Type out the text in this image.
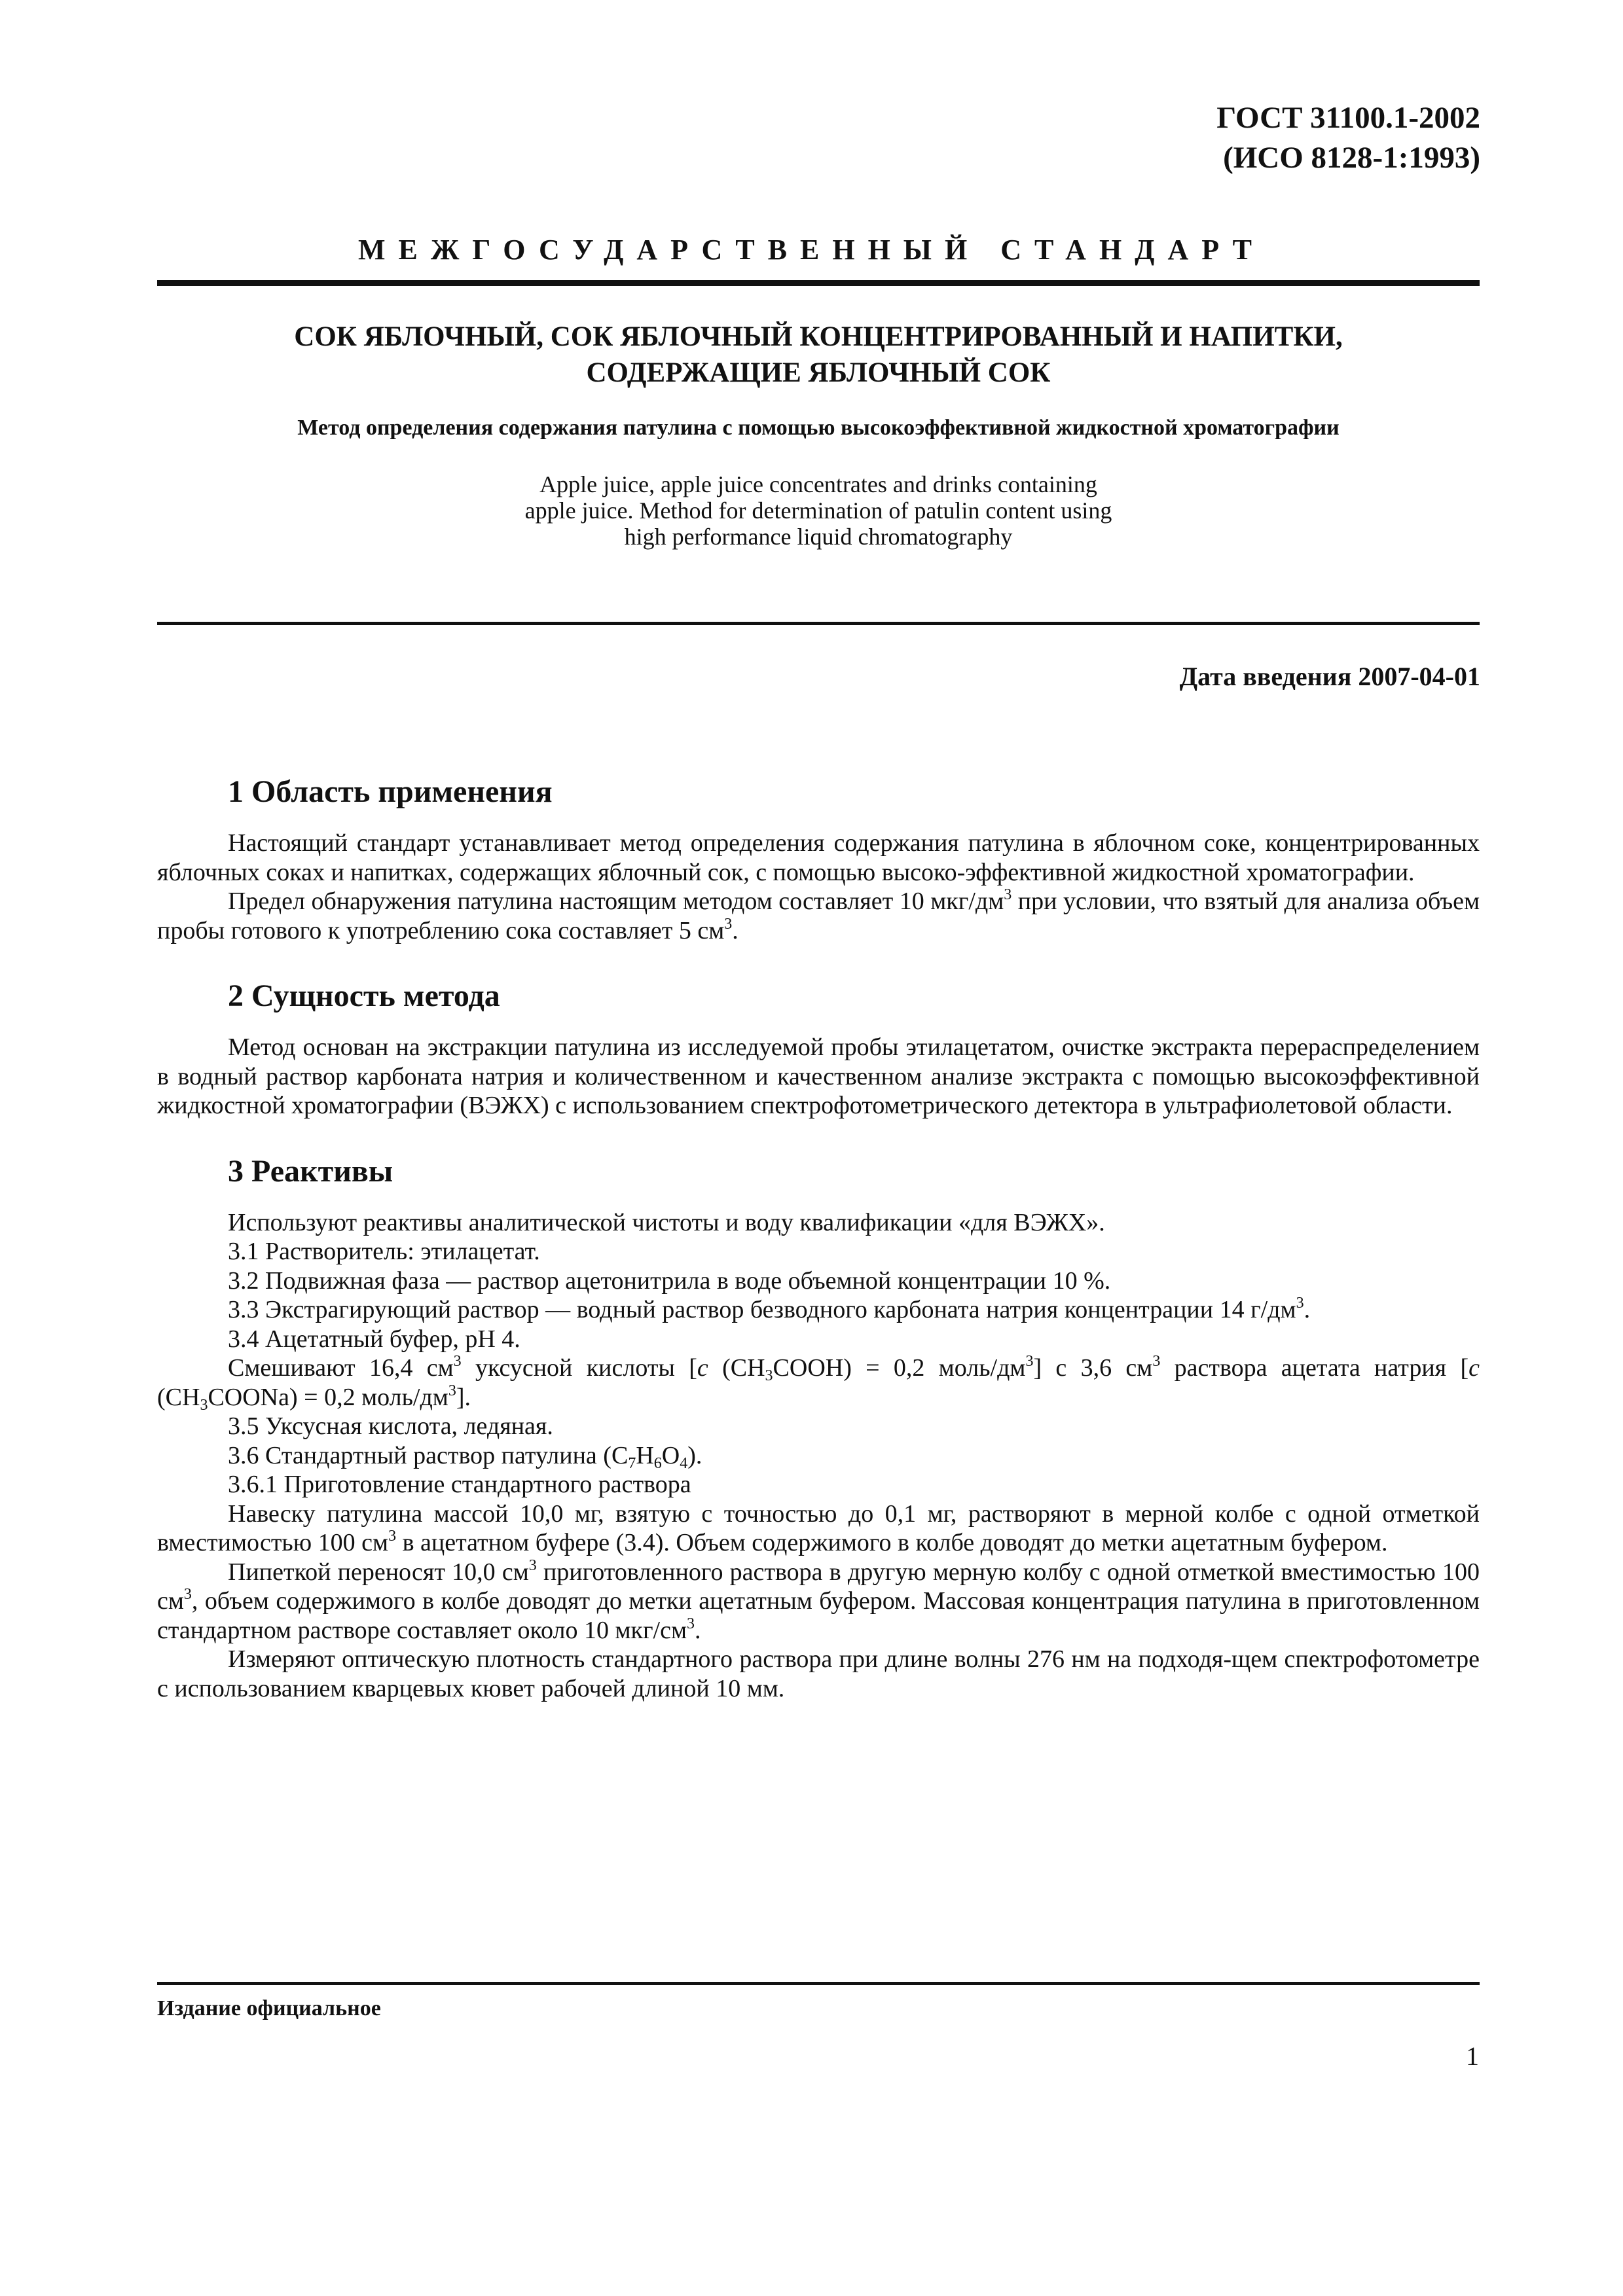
ГОСТ 31100.1-2002
(ИСО 8128-1:1993)
МЕЖГОСУДАРСТВЕННЫЙ СТАНДАРТ
СОК ЯБЛОЧНЫЙ, СОК ЯБЛОЧНЫЙ КОНЦЕНТРИРОВАННЫЙ И НАПИТКИ,
СОДЕРЖАЩИЕ ЯБЛОЧНЫЙ СОК
Метод определения содержания патулина с помощью высокоэффективной жидкостной хроматографии
Apple juice, apple juice concentrates and drinks containing
apple juice. Method for determination of patulin content using
high performance liquid chromatography
Дата введения 2007-04-01
1 Область применения

Настоящий стандарт устанавливает метод определения содержания патулина в яблочном соке, концентрированных яблочных соках и напитках, содержащих яблочный сок, с помощью высоко-эффективной жидкостной хроматографии.

Предел обнаружения патулина настоящим методом составляет 10 мкг/$дм^3$ при условии, что взятый для анализа объем пробы готового к употреблению сока составляет 5 $см^3$.

2 Сущность метода

Метод основан на экстракции патулина из исследуемой пробы этилацетатом, очистке экстракта перераспределением в водный раствор карбоната натрия и количественном и качественном анализе экстракта с помощью высокоэффективной жидкостной хроматографии (ВЭЖХ) с использованием спектрофотометрического детектора в ультрафиолетовой области.

3 Реактивы

Используют реактивы аналитической чистоты и воду квалификации «для ВЭЖХ».

3.1 Растворитель: этилацетат.

3.2 Подвижная фаза — раствор ацетонитрила в воде объемной концентрации 10 %.

3.3 Экстрагирующий раствор — водный раствор безводного карбоната натрия концентрации 14 $г/дм^3$.

3.4 Ацетатный буфер, рН 4.

Смешивают 16,4 $см^3$ уксусной кислоты [c $(CH_3COOH) = 0,2$ моль/$дм^3$] с 3,6 $см^3$ раствора ацетата натрия [c $(CH_3COONa) = 0,2$ моль/$дм^3$].

3.5 Уксусная кислота, ледяная.

3.6 Стандартный раствор патулина $(C_7H_6O_4)$.

3.6.1 Приготовление стандартного раствора

Навеску патулина массой 10,0 мг, взятую с точностью до 0,1 мг, растворяют в мерной колбе с одной отметкой вместимостью 100 $см^3$ в ацетатном буфере (3.4). Объем содержимого в колбе доводят до метки ацетатным буфером.

Пипеткой переносят 10,0 $см^3$ приготовленного раствора в другую мерную колбу с одной отметкой вместимостью 100 $см^3$, объем содержимого в колбе доводят до метки ацетатным буфером. Массовая концентрация патулина в приготовленном стандартном растворе составляет около 10 мкг/$см^3$.

Измеряют оптическую плотность стандартного раствора при длине волны 276 нм на подходя-щем спектрофотометре с использованием кварцевых кювет рабочей длиной 10 мм.

Издание официальное
1
